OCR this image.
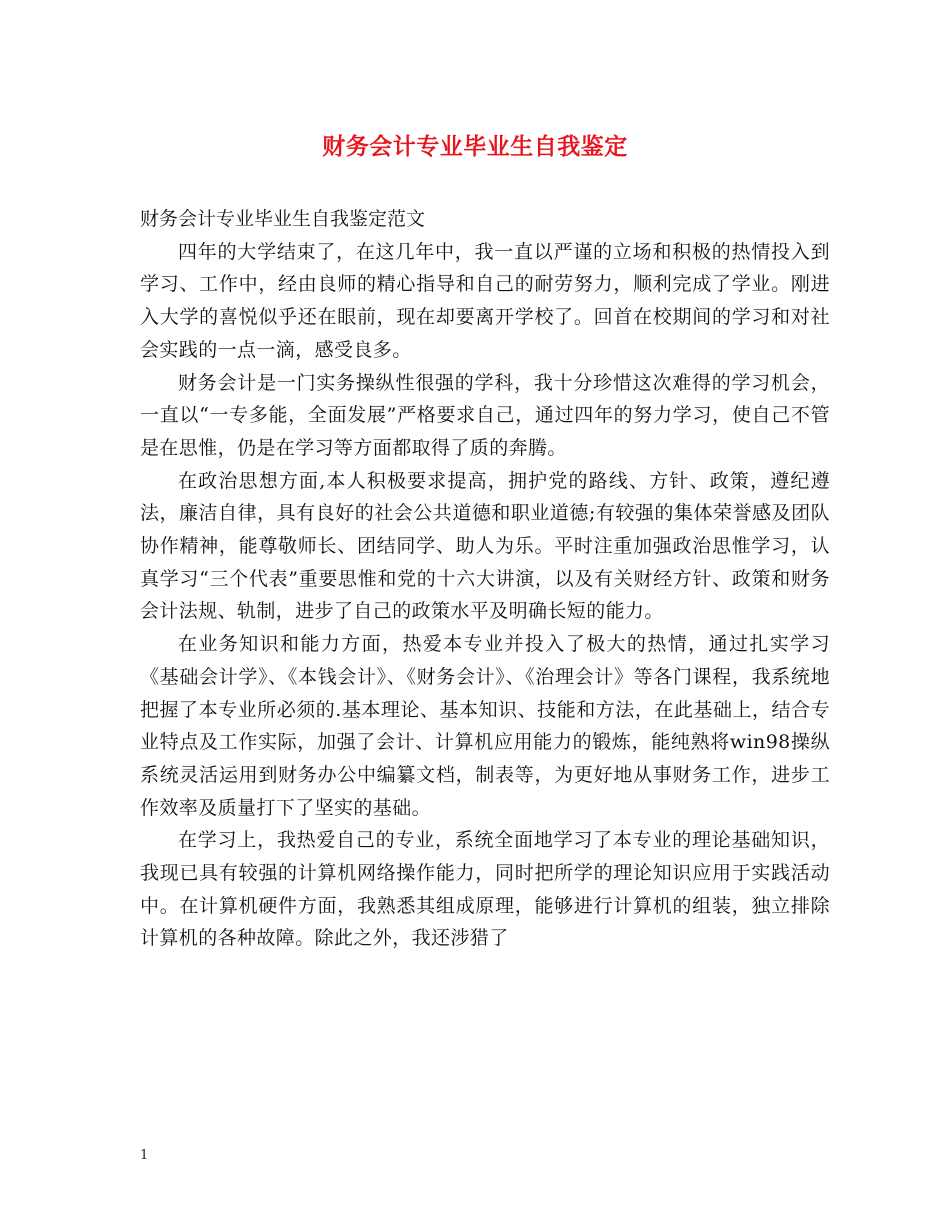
财务会计专业毕业生自我鉴定

财务会计专业毕业生自我鉴定范文

四年的大学结束了，在这几年中，我一直以严谨的立场和积极的热情投入到学习、工作中，经由良师的精心指导和自己的耐劳努力，顺利完成了学业。刚进入大学的喜悦似乎还在眼前，现在却要离开学校了。回首在校期间的学习和对社会实践的一点一滴，感受良多。

财务会计是一门实务操纵性很强的学科，我十分珍惜这次难得的学习机会，一直以“一专多能，全面发展”严格要求自己，通过四年的努力学习，使自己不管是在思惟，仍是在学习等方面都取得了质的奔腾。

在政治思想方面,本人积极要求提高，拥护党的路线、方针、政策，遵纪遵法，廉洁自律，具有良好的社会公共道德和职业道德;有较强的集体荣誉感及团队协作精神，能尊敬师长、团结同学、助人为乐。平时注重加强政治思惟学习，认真学习“三个代表”重要思惟和党的十六大讲演，以及有关财经方针、政策和财务会计法规、轨制，进步了自己的政策水平及明确长短的能力。

在业务知识和能力方面，热爱本专业并投入了极大的热情，通过扎实学习《基础会计学》、《本钱会计》、《财务会计》、《治理会计》等各门课程，我系统地把握了本专业所必须的.基本理论、基本知识、技能和方法，在此基础上，结合专业特点及工作实际，加强了会计、计算机应用能力的锻炼，能纯熟将win98操纵系统灵活运用到财务办公中编纂文档，制表等，为更好地从事财务工作，进步工作效率及质量打下了坚实的基础。

在学习上，我热爱自己的专业，系统全面地学习了本专业的理论基础知识，我现已具有较强的计算机网络操作能力，同时把所学的理论知识应用于实践活动中。在计算机硬件方面，我熟悉其组成原理，能够进行计算机的组装，独立排除计算机的各种故障。除此之外，我还涉猎了

1
